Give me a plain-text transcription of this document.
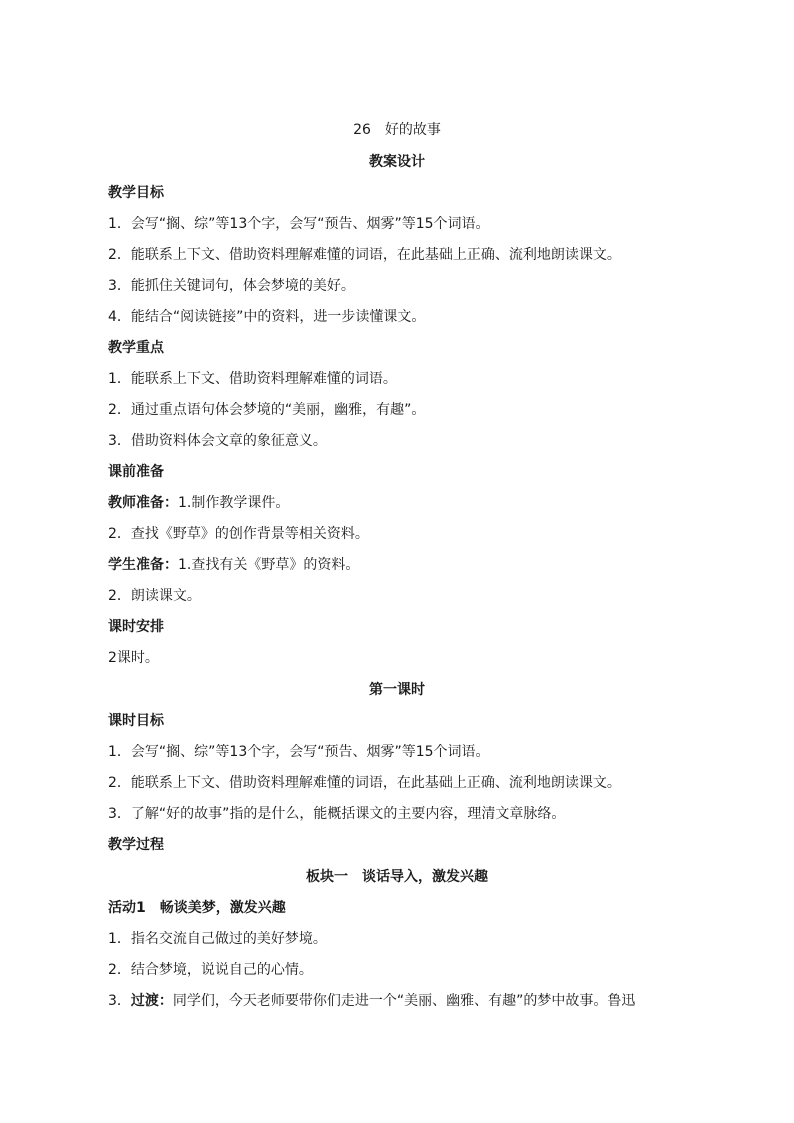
26　好的故事
教案设计
教学目标
1．会写“搁、综”等13个字，会写“预告、烟雾”等15个词语。
2．能联系上下文、借助资料理解难懂的词语，在此基础上正确、流利地朗读课文。
3．能抓住关键词句，体会梦境的美好。
4．能结合“阅读链接”中的资料，进一步读懂课文。
教学重点
1．能联系上下文、借助资料理解难懂的词语。
2．通过重点语句体会梦境的“美丽，幽雅，有趣”。
3．借助资料体会文章的象征意义。
课前准备
教师准备：1.制作教学课件。
2．查找《野草》的创作背景等相关资料。
学生准备：1.查找有关《野草》的资料。
2．朗读课文。
课时安排
2课时。
第一课时
课时目标
1．会写“搁、综”等13个字，会写“预告、烟雾”等15个词语。
2．能联系上下文、借助资料理解难懂的词语，在此基础上正确、流利地朗读课文。
3．了解“好的故事”指的是什么，能概括课文的主要内容，理清文章脉络。
教学过程
板块一　谈话导入，激发兴趣
活动1　畅谈美梦，激发兴趣
1．指名交流自己做过的美好梦境。
2．结合梦境，说说自己的心情。
3．过渡：同学们，今天老师要带你们走进一个“美丽、幽雅、有趣”的梦中故事。鲁迅
